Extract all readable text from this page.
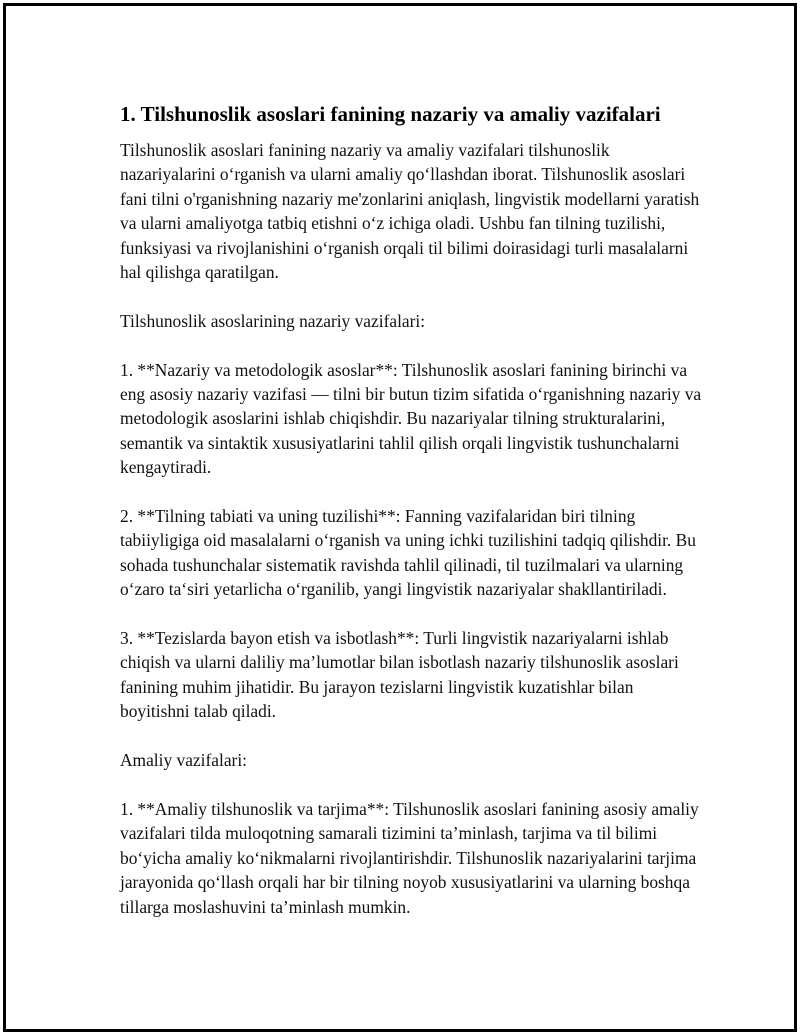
1. Tilshunoslik asoslari fanining nazariy va amaliy vazifalari

Tilshunoslik asoslari fanining nazariy va amaliy vazifalari tilshunoslik nazariyalarini o‘rganish va ularni amaliy qo‘llashdan iborat. Tilshunoslik asoslari fani tilni o'rganishning nazariy me'zonlarini aniqlash, lingvistik modellarni yaratish va ularni amaliyotga tatbiq etishni o‘z ichiga oladi. Ushbu fan tilning tuzilishi, funksiyasi va rivojlanishini o‘rganish orqali til bilimi doirasidagi turli masalalarni hal qilishga qaratilgan.

Tilshunoslik asoslarining nazariy vazifalari:

1. **Nazariy va metodologik asoslar**: Tilshunoslik asoslari fanining birinchi va eng asosiy nazariy vazifasi — tilni bir butun tizim sifatida o‘rganishning nazariy va metodologik asoslarini ishlab chiqishdir. Bu nazariyalar tilning strukturalarini, semantik va sintaktik xususiyatlarini tahlil qilish orqali lingvistik tushunchalarni kengaytiradi.

2. **Tilning tabiati va uning tuzilishi**: Fanning vazifalaridan biri tilning tabiiyligiga oid masalalarni o‘rganish va uning ichki tuzilishini tadqiq qilishdir. Bu sohada tushunchalar sistematik ravishda tahlil qilinadi, til tuzilmalari va ularning o‘zaro ta‘siri yetarlicha o‘rganilib, yangi lingvistik nazariyalar shakllantiriladi.

3. **Tezislarda bayon etish va isbotlash**: Turli lingvistik nazariyalarni ishlab chiqish va ularni daliliy ma’lumotlar bilan isbotlash nazariy tilshunoslik asoslari fanining muhim jihatidir. Bu jarayon tezislarni lingvistik kuzatishlar bilan boyitishni talab qiladi.

Amaliy vazifalari:

1. **Amaliy tilshunoslik va tarjima**: Tilshunoslik asoslari fanining asosiy amaliy vazifalari tilda muloqotning samarali tizimini ta’minlash, tarjima va til bilimi bo‘yicha amaliy ko‘nikmalarni rivojlantirishdir. Tilshunoslik nazariyalarini tarjima jarayonida qo‘llash orqali har bir tilning noyob xususiyatlarini va ularning boshqa tillarga moslashuvini ta’minlash mumkin.
